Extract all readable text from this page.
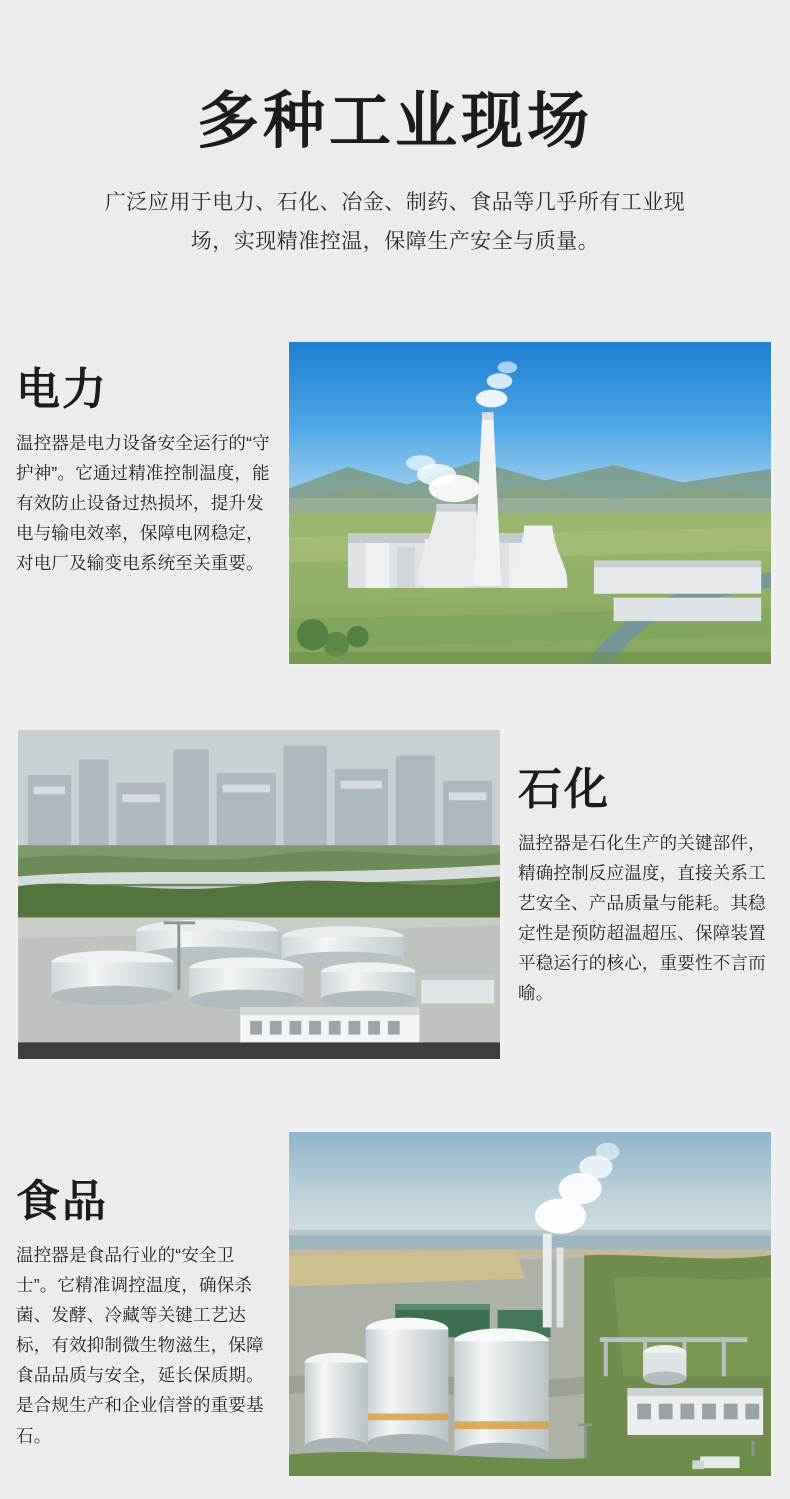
多种工业现场

广泛应用于电力、石化、冶金、制药、食品等几乎所有工业现场，实现精准控温，保障生产安全与质量。

电力

温控器是电力设备安全运行的“守护神”。它通过精准控制温度，能有效防止设备过热损坏，提升发电与输电效率，保障电网稳定，对电厂及输变电系统至关重要。

石化

温控器是石化生产的关键部件，精确控制反应温度，直接关系工艺安全、产品质量与能耗。其稳定性是预防超温超压、保障装置平稳运行的核心，重要性不言而喻。

食品

温控器是食品行业的“安全卫士”。它精准调控温度，确保杀菌、发酵、冷藏等关键工艺达标，有效抑制微生物滋生，保障食品品质与安全，延长保质期。是合规生产和企业信誉的重要基石。
